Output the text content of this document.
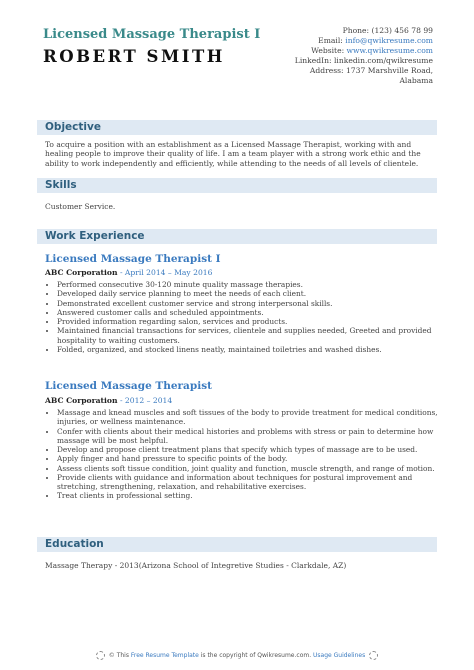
Licensed Massage Therapist I
ROBERT SMITH
Phone: (123) 456 78 99
Email: info@qwikresume.com
Website: www.qwikresume.com
LinkedIn: linkedin.com/qwikresume
Address: 1737 Marshville Road,
Alabama
Objective
To acquire a position with an establishment as a Licensed Massage Therapist, working with and
healing people to improve their quality of life. I am a team player with a strong work ethic and the
ability to work independently and efficiently, while attending to the needs of all levels of clientele.
Skills
Customer Service.
Work Experience
Licensed Massage Therapist I
ABC Corporation - April 2014 – May 2016
• Performed consecutive 30-120 minute quality massage therapies.
• Developed daily service planning to meet the needs of each client.
• Demonstrated excellent customer service and strong interpersonal skills.
• Answered customer calls and scheduled appointments.
• Provided information regarding salon, services and products.
• Maintained financial transactions for services, clientele and supplies needed, Greeted and provided hospitality to waiting customers.
• Folded, organized, and stocked linens neatly, maintained toiletries and washed dishes.
Licensed Massage Therapist
ABC Corporation - 2012 – 2014
• Massage and knead muscles and soft tissues of the body to provide treatment for medical conditions, injuries, or wellness maintenance.
• Confer with clients about their medical histories and problems with stress or pain to determine how massage will be most helpful.
• Develop and propose client treatment plans that specify which types of massage are to be used.
• Apply finger and hand pressure to specific points of the body.
• Assess clients soft tissue condition, joint quality and function, muscle strength, and range of motion.
• Provide clients with guidance and information about techniques for postural improvement and stretching, strengthening, relaxation, and rehabilitative exercises.
• Treat clients in professional setting.
Education
Massage Therapy - 2013(Arizona School of Integretive Studies - Clarkdale, AZ)
© This Free Resume Template is the copyright of Qwikresume.com. Usage Guidelines
